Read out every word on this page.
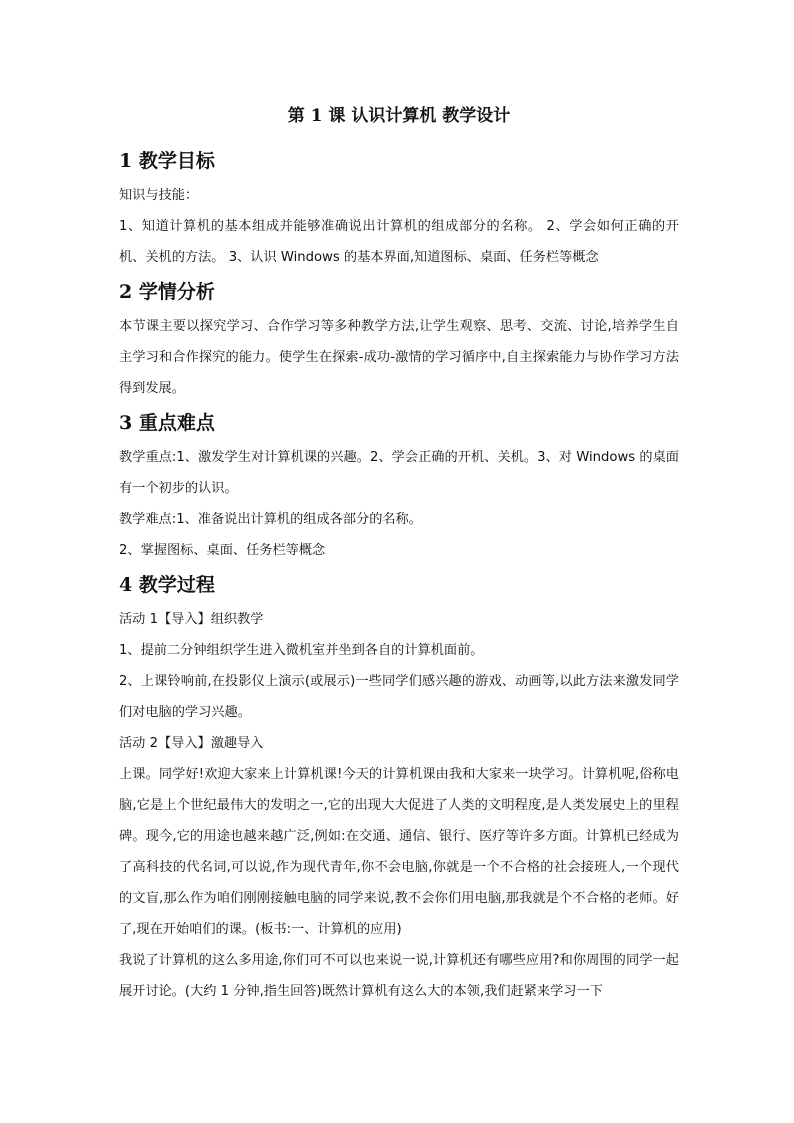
第 1 课 认识计算机 教学设计
1 教学目标

知识与技能：

1、知道计算机的基本组成并能够准确说出计算机的组成部分的名称。 2、学会如何正确的开机、关机的方法。 3、认识 Windows 的基本界面,知道图标、桌面、任务栏等概念

2 学情分析

本节课主要以探究学习、合作学习等多种教学方法,让学生观察、思考、交流、讨论,培养学生自主学习和合作探究的能力。使学生在探索-成功-激情的学习循序中,自主探索能力与协作学习方法得到发展。

3 重点难点

教学重点:1、激发学生对计算机课的兴趣。2、学会正确的开机、关机。3、对 Windows 的桌面有一个初步的认识。

教学难点:1、准备说出计算机的组成各部分的名称。

2、掌握图标、桌面、任务栏等概念

4 教学过程

活动 1【导入】组织教学

1、提前二分钟组织学生进入微机室并坐到各自的计算机面前。

2、上课铃响前,在投影仪上演示(或展示)一些同学们感兴趣的游戏、动画等,以此方法来激发同学们对电脑的学习兴趣。

活动 2【导入】激趣导入

上课。同学好!欢迎大家来上计算机课!今天的计算机课由我和大家来一块学习。计算机呢,俗称电脑,它是上个世纪最伟大的发明之一,它的出现大大促进了人类的文明程度,是人类发展史上的里程碑。现今,它的用途也越来越广泛,例如:在交通、通信、银行、医疗等许多方面。计算机已经成为了高科技的代名词,可以说,作为现代青年,你不会电脑,你就是一个不合格的社会接班人,一个现代的文盲,那么作为咱们刚刚接触电脑的同学来说,教不会你们用电脑,那我就是个不合格的老师。好了,现在开始咱们的课。(板书:一、计算机的应用)

我说了计算机的这么多用途,你们可不可以也来说一说,计算机还有哪些应用?和你周围的同学一起展开讨论。(大约 1 分钟,指生回答)既然计算机有这么大的本领,我们赶紧来学习一下
